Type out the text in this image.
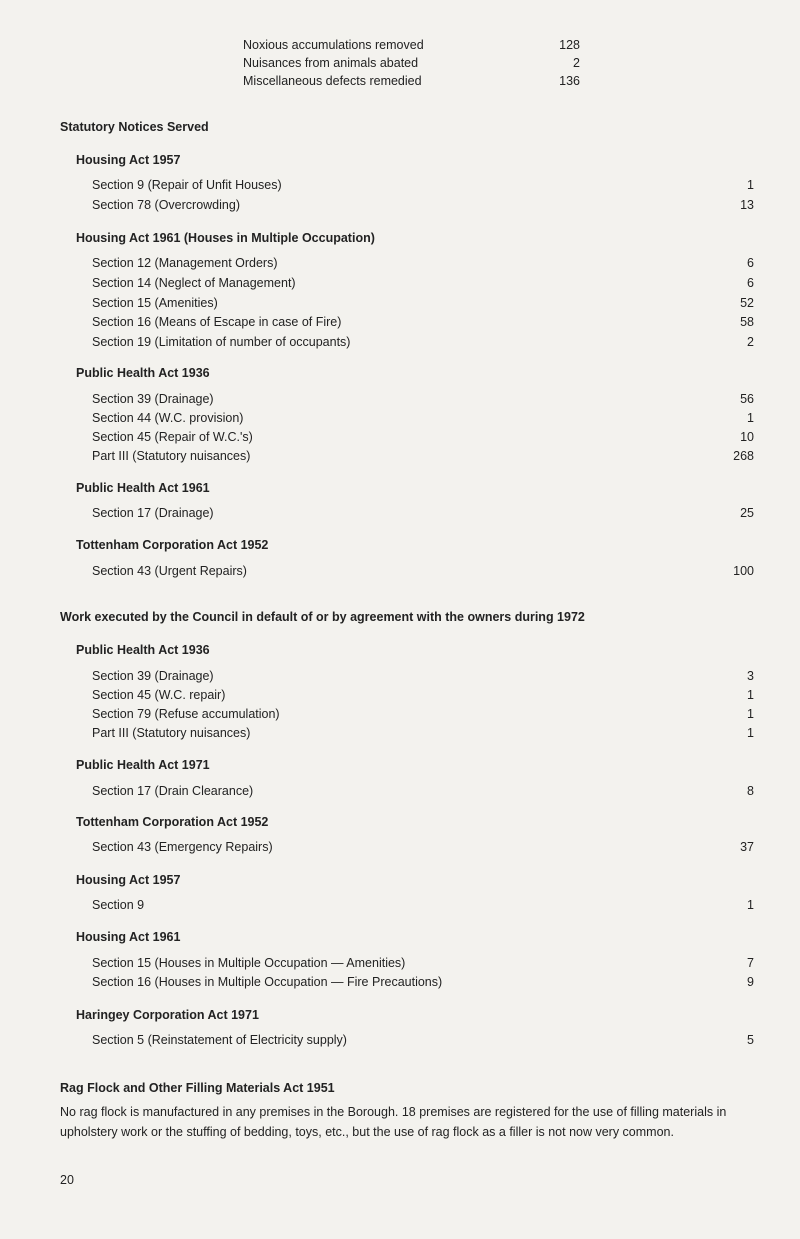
Noxious accumulations removed	128
Nuisances from animals abated	2
Miscellaneous defects remedied	136
Statutory Notices Served
Housing Act 1957
Section 9 (Repair of Unfit Houses)	1
Section 78 (Overcrowding)	13
Housing Act 1961 (Houses in Multiple Occupation)
Section 12 (Management Orders)	6
Section 14 (Neglect of Management)	6
Section 15 (Amenities)	52
Section 16 (Means of Escape in case of Fire)	58
Section 19 (Limitation of number of occupants)	2
Public Health Act 1936
Section 39 (Drainage)	56
Section 44 (W.C. provision)	1
Section 45 (Repair of W.C.'s)	10
Part III (Statutory nuisances)	268
Public Health Act 1961
Section 17 (Drainage)	25
Tottenham Corporation Act 1952
Section 43 (Urgent Repairs)	100
Work executed by the Council in default of or by agreement with the owners during 1972
Public Health Act 1936
Section 39 (Drainage)	3
Section 45 (W.C. repair)	1
Section 79 (Refuse accumulation)	1
Part III (Statutory nuisances)	1
Public Health Act 1971
Section 17 (Drain Clearance)	8
Tottenham Corporation Act 1952
Section 43 (Emergency Repairs)	37
Housing Act 1957
Section 9	1
Housing Act 1961
Section 15 (Houses in Multiple Occupation — Amenities)	7
Section 16 (Houses in Multiple Occupation — Fire Precautions)	9
Haringey Corporation Act 1971
Section 5 (Reinstatement of Electricity supply)	5
Rag Flock and Other Filling Materials Act 1951
No rag flock is manufactured in any premises in the Borough. 18 premises are registered for the use of filling materials in upholstery work or the stuffing of bedding, toys, etc., but the use of rag flock as a filler is not now very common.
20
